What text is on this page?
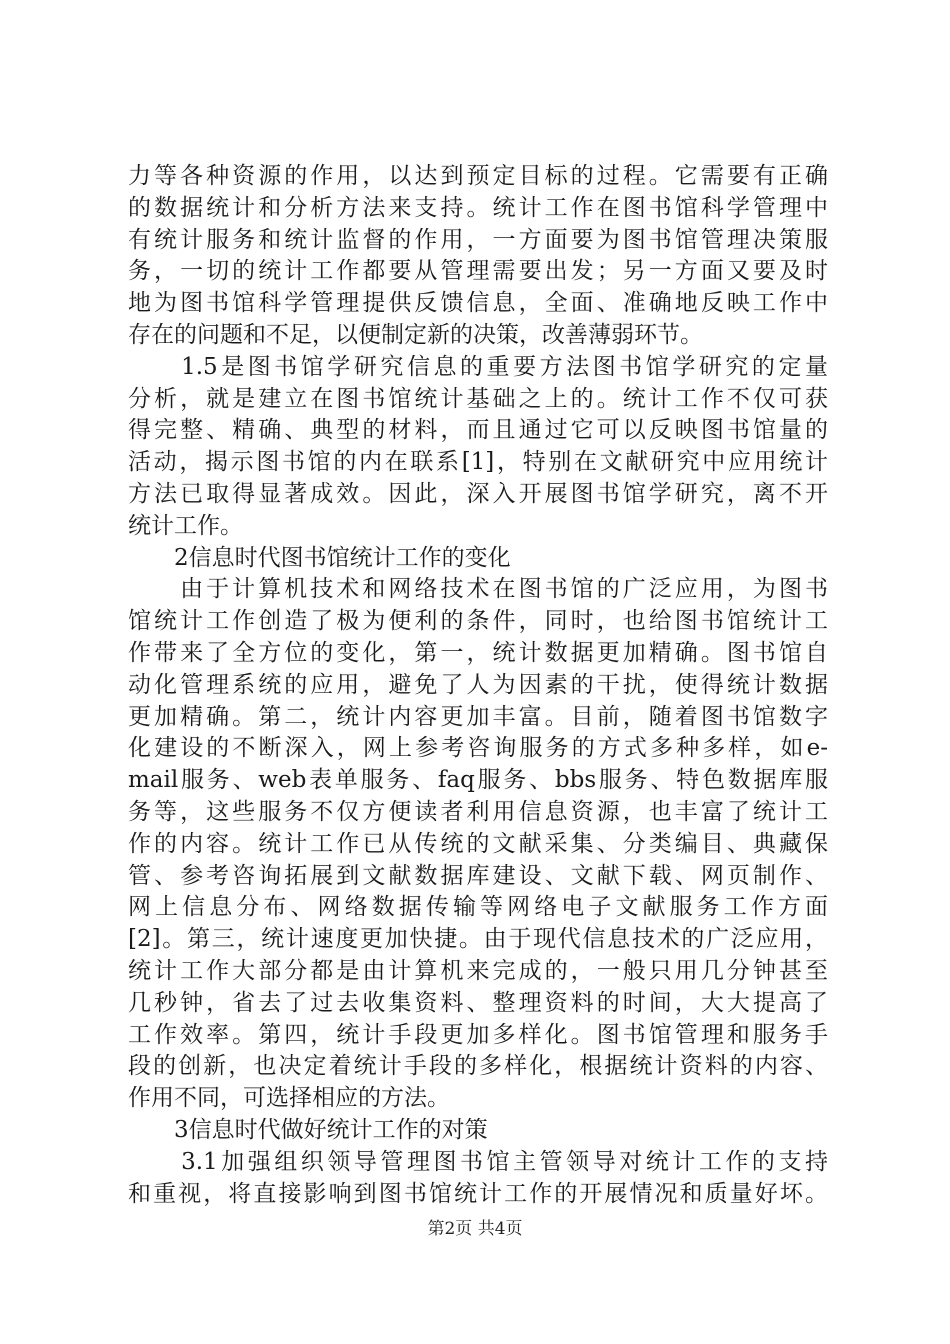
力等各种资源的作用，以达到预定目标的过程。它需要有正确
的数据统计和分析方法来支持。统计工作在图书馆科学管理中
有统计服务和统计监督的作用，一方面要为图书馆管理决策服
务，一切的统计工作都要从管理需要出发；另一方面又要及时
地为图书馆科学管理提供反馈信息，全面、准确地反映工作中
存在的问题和不足，以便制定新的决策，改善薄弱环节。
　　1.5是图书馆学研究信息的重要方法图书馆学研究的定量
分析，就是建立在图书馆统计基础之上的。统计工作不仅可获
得完整、精确、典型的材料，而且通过它可以反映图书馆量的
活动，揭示图书馆的内在联系[1]，特别在文献研究中应用统计
方法已取得显著成效。因此，深入开展图书馆学研究，离不开
统计工作。
　　2信息时代图书馆统计工作的变化
　　由于计算机技术和网络技术在图书馆的广泛应用，为图书
馆统计工作创造了极为便利的条件，同时，也给图书馆统计工
作带来了全方位的变化，第一，统计数据更加精确。图书馆自
动化管理系统的应用，避免了人为因素的干扰，使得统计数据
更加精确。第二，统计内容更加丰富。目前，随着图书馆数字
化建设的不断深入，网上参考咨询服务的方式多种多样，如e-
mail服务、web表单服务、faq服务、bbs服务、特色数据库服
务等，这些服务不仅方便读者利用信息资源，也丰富了统计工
作的内容。统计工作已从传统的文献采集、分类编目、典藏保
管、参考咨询拓展到文献数据库建设、文献下载、网页制作、
网上信息分布、网络数据传输等网络电子文献服务工作方面
[2]。第三，统计速度更加快捷。由于现代信息技术的广泛应用，
统计工作大部分都是由计算机来完成的，一般只用几分钟甚至
几秒钟，省去了过去收集资料、整理资料的时间，大大提高了
工作效率。第四，统计手段更加多样化。图书馆管理和服务手
段的创新，也决定着统计手段的多样化，根据统计资料的内容、
作用不同，可选择相应的方法。
　　3信息时代做好统计工作的对策
　　3.1加强组织领导管理图书馆主管领导对统计工作的支持
和重视，将直接影响到图书馆统计工作的开展情况和质量好坏。
第2页 共4页
